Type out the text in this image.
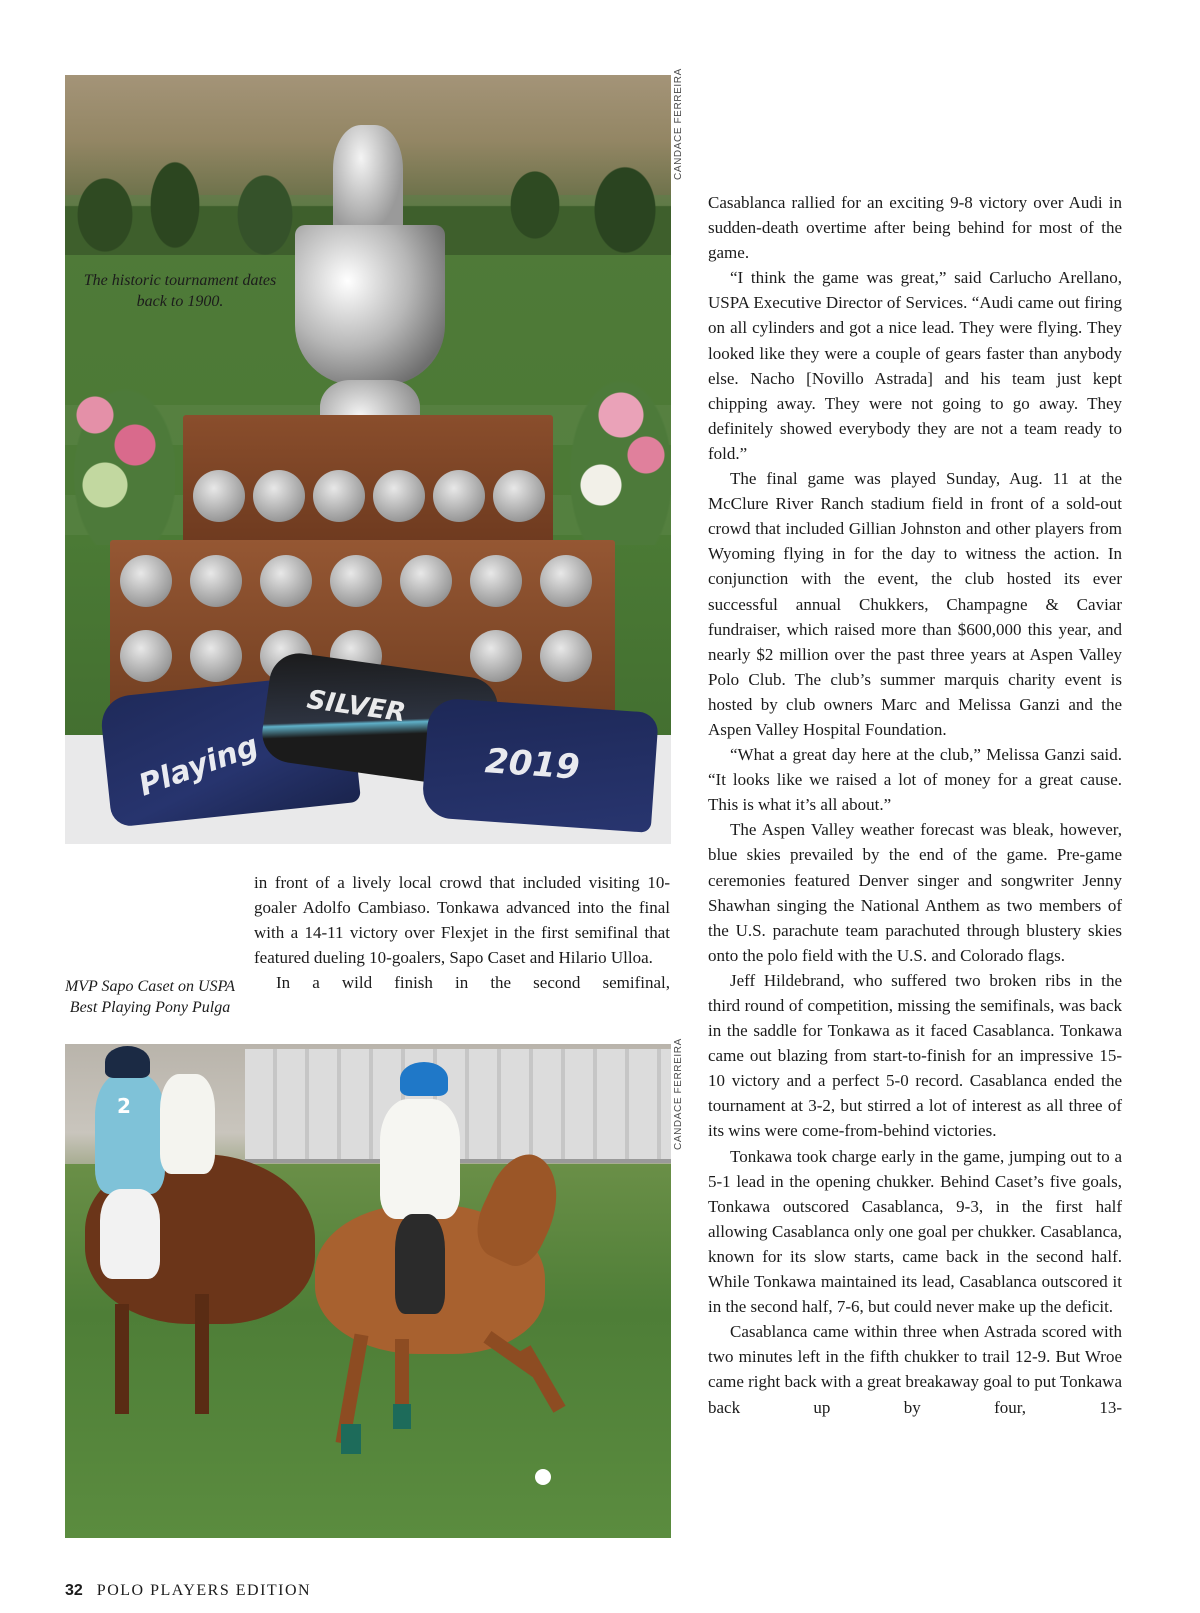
Playing
SILVER
2019
The historic tournament dates back to 1900.
CANDACE FERREIRA

in front of a lively local crowd that included visiting 10-goaler Adolfo Cambiaso. Tonkawa advanced into the final with a 14-11 victory over Flexjet in the first semifinal that featured dueling 10-goalers, Sapo Caset and Hilario Ulloa.

In a wild finish in the second semifinal,

MVP Sapo Caset on USPA Best Playing Pony Pulga
2	CANDACE FERREIRA

Casablanca rallied for an exciting 9-8 victory over Audi in sudden-death overtime after being behind for most of the game.

“I think the game was great,” said Carlucho Arellano, USPA Executive Director of Services. “Audi came out firing on all cylinders and got a nice lead. They were flying. They looked like they were a couple of gears faster than anybody else. Nacho [Novillo Astrada] and his team just kept chipping away. They were not going to go away. They definitely showed everybody they are not a team ready to fold.”

The final game was played Sunday, Aug. 11 at the McClure River Ranch stadium field in front of a sold-out crowd that included Gillian Johnston and other players from Wyoming flying in for the day to witness the action. In conjunction with the event, the club hosted its ever successful annual Chukkers, Champagne & Caviar fundraiser, which raised more than $600,000 this year, and nearly $2 million over the past three years at Aspen Valley Polo Club. The club’s summer marquis charity event is hosted by club owners Marc and Melissa Ganzi and the Aspen Valley Hospital Foundation.

“What a great day here at the club,” Melissa Ganzi said. “It looks like we raised a lot of money for a great cause. This is what it’s all about.”

The Aspen Valley weather forecast was bleak, however, blue skies prevailed by the end of the game. Pre-game ceremonies featured Denver singer and songwriter Jenny Shawhan singing the National Anthem as two members of the U.S. parachute team parachuted through blustery skies onto the polo field with the U.S. and Colorado flags.

Jeff Hildebrand, who suffered two broken ribs in the third round of competition, missing the semifinals, was back in the saddle for Tonkawa as it faced Casablanca. Tonkawa came out blazing from start-to-finish for an impressive 15-10 victory and a perfect 5-0 record. Casablanca ended the tournament at 3-2, but stirred a lot of interest as all three of its wins were come-from-behind victories.

Tonkawa took charge early in the game, jumping out to a 5-1 lead in the opening chukker. Behind Caset’s five goals, Tonkawa outscored Casablanca, 9-3, in the first half allowing Casablanca only one goal per chukker. Casablanca, known for its slow starts, came back in the second half. While Tonkawa maintained its lead, Casablanca outscored it in the second half, 7-6, but could never make up the deficit.

Casablanca came within three when Astrada scored with two minutes left in the fifth chukker to trail 12-9. But Wroe came right back with a great breakaway goal to put Tonkawa back up by four, 13-

32 POLO PLAYERS EDITION
